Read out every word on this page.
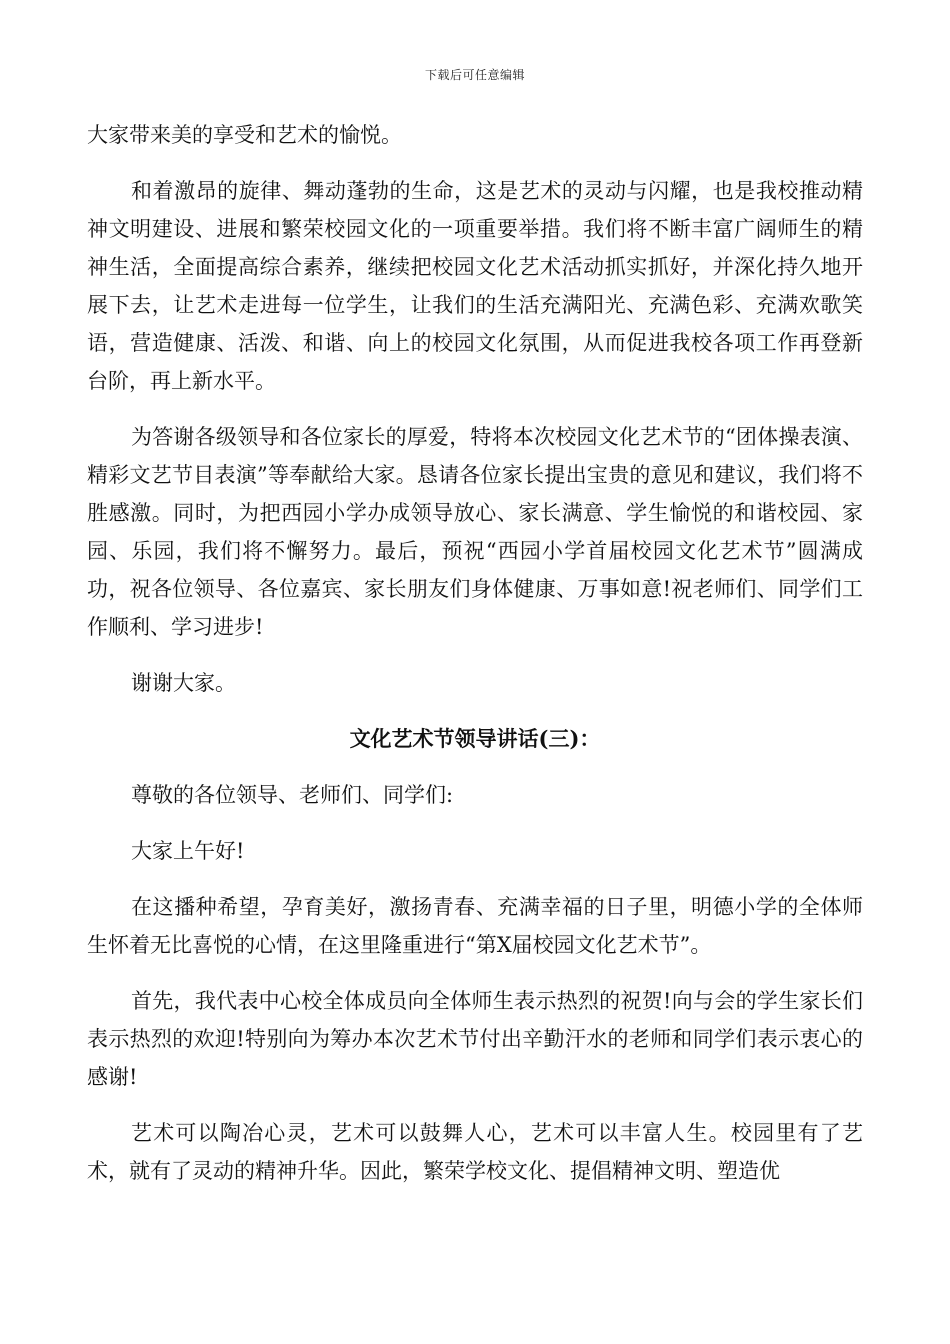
下载后可任意编辑

大家带来美的享受和艺术的愉悦。

和着激昂的旋律、舞动蓬勃的生命，这是艺术的灵动与闪耀，也是我校推动精神文明建设、进展和繁荣校园文化的一项重要举措。我们将不断丰富广阔师生的精神生活，全面提高综合素养，继续把校园文化艺术活动抓实抓好，并深化持久地开展下去，让艺术走进每一位学生，让我们的生活充满阳光、充满色彩、充满欢歌笑语，营造健康、活泼、和谐、向上的校园文化氛围，从而促进我校各项工作再登新台阶，再上新水平。

为答谢各级领导和各位家长的厚爱，特将本次校园文化艺术节的“团体操表演、精彩文艺节目表演”等奉献给大家。恳请各位家长提出宝贵的意见和建议，我们将不胜感激。同时，为把西园小学办成领导放心、家长满意、学生愉悦的和谐校园、家园、乐园，我们将不懈努力。最后，预祝“西园小学首届校园文化艺术节”圆满成功，祝各位领导、各位嘉宾、家长朋友们身体健康、万事如意!祝老师们、同学们工作顺利、学习进步!

谢谢大家。

文化艺术节领导讲话(三)：

尊敬的各位领导、老师们、同学们:

大家上午好!

在这播种希望，孕育美好，激扬青春、充满幸福的日子里，明德小学的全体师生怀着无比喜悦的心情，在这里隆重进行“第X届校园文化艺术节”。

首先，我代表中心校全体成员向全体师生表示热烈的祝贺!向与会的学生家长们表示热烈的欢迎!特别向为筹办本次艺术节付出辛勤汗水的老师和同学们表示衷心的感谢!

艺术可以陶冶心灵，艺术可以鼓舞人心，艺术可以丰富人生。校园里有了艺术，就有了灵动的精神升华。因此，繁荣学校文化、提倡精神文明、塑造优
